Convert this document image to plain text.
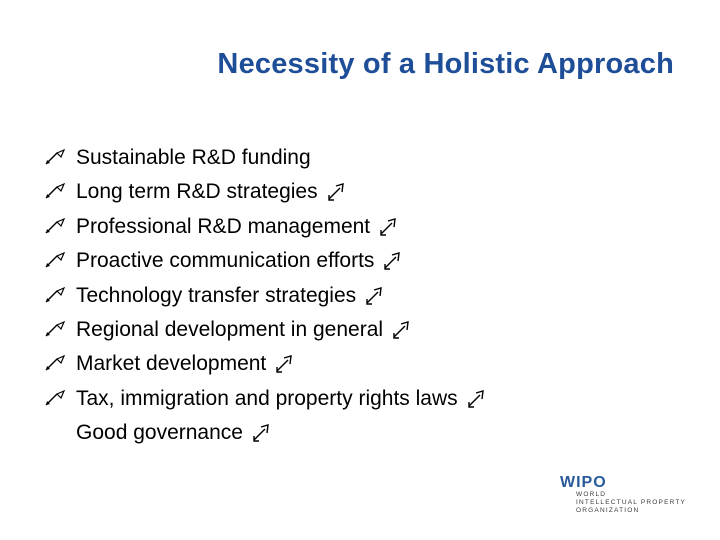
Necessity of a Holistic Approach
Sustainable R&D funding
Long term R&D strategies
Professional R&D management
Proactive communication efforts
Technology transfer strategies
Regional development in general
Market development
Tax, immigration and property rights laws
Good governance
WIPO
WORLD
INTELLECTUAL PROPERTY
ORGANIZATION
